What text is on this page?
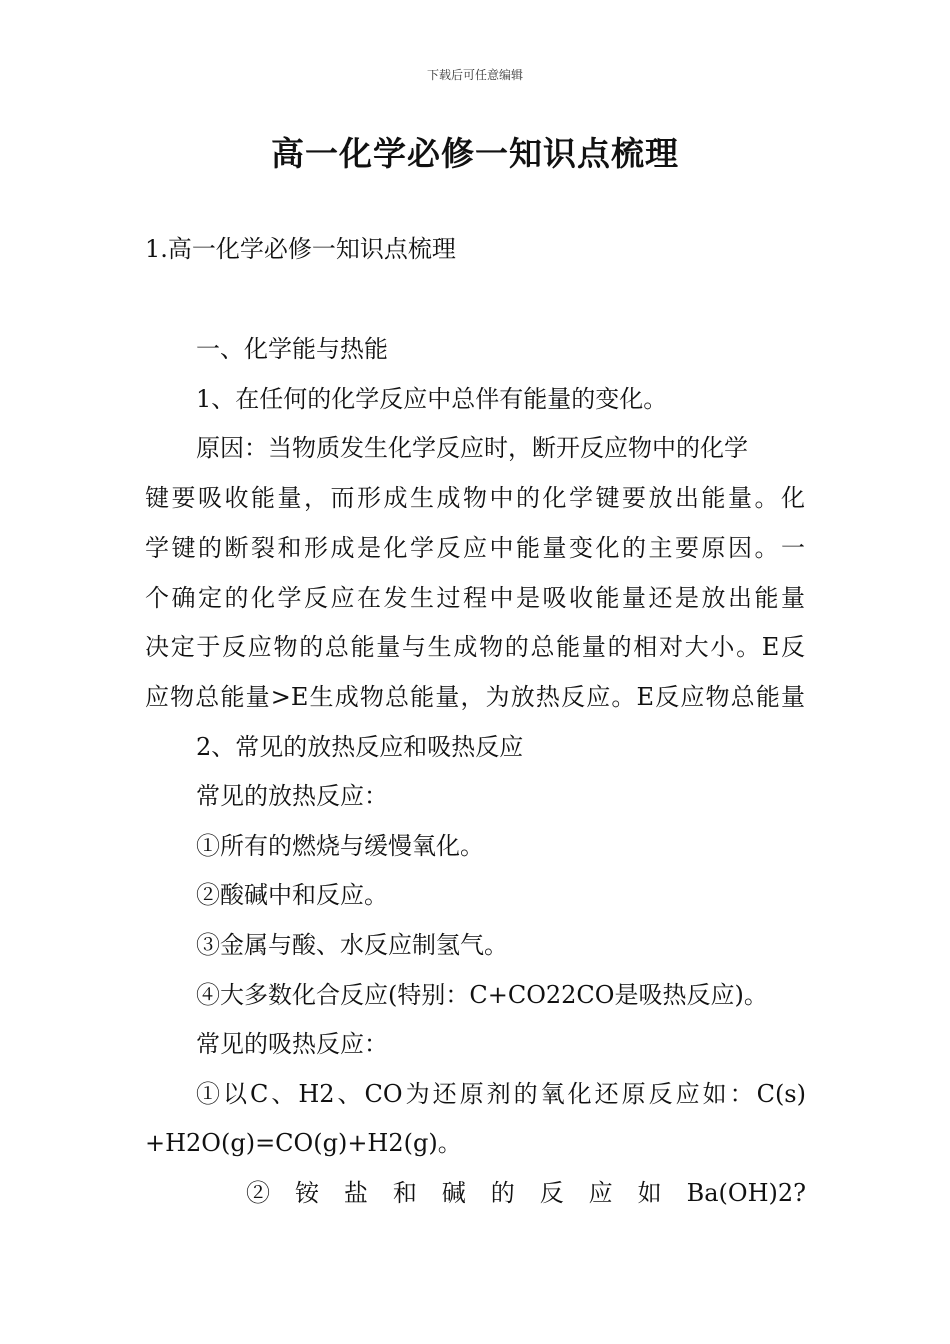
下载后可任意编辑
高一化学必修一知识点梳理
1.高一化学必修一知识点梳理
一、化学能与热能
1、在任何的化学反应中总伴有能量的变化。
原因：当物质发生化学反应时，断开反应物中的化学
键要吸收能量，而形成生成物中的化学键要放出能量。化
学键的断裂和形成是化学反应中能量变化的主要原因。一
个确定的化学反应在发生过程中是吸收能量还是放出能量
决定于反应物的总能量与生成物的总能量的相对大小。E反
应物总能量>E生成物总能量，为放热反应。E反应物总能量
2、常见的放热反应和吸热反应
常见的放热反应：
①所有的燃烧与缓慢氧化。
②酸碱中和反应。
③金属与酸、水反应制氢气。
④大多数化合反应(特别：C+CO22CO是吸热反应)。
常见的吸热反应：
①以C、H2、CO为还原剂的氧化还原反应如：C(s)
+H2O(g)=CO(g)+H2(g)。
② 铵 盐 和 碱 的 反 应 如 Ba(OH)2?
